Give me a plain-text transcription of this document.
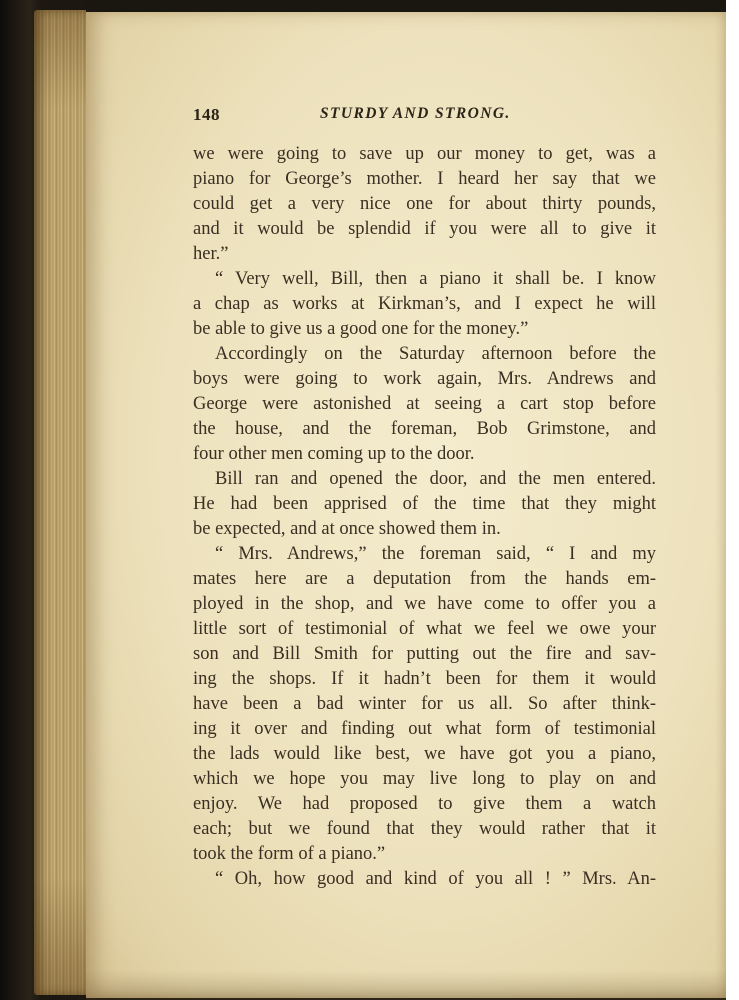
148	STURDY AND STRONG.
we were going to save up our money to get, was a
piano for George’s mother. I heard her say that we
could get a very nice one for about thirty pounds,
and it would be splendid if you were all to give it
her.”
“ Very well, Bill, then a piano it shall be. I know
a chap as works at Kirkman’s, and I expect he will
be able to give us a good one for the money.”
Accordingly on the Saturday afternoon before the
boys were going to work again, Mrs. Andrews and
George were astonished at seeing a cart stop before
the house, and the foreman, Bob Grimstone, and
four other men coming up to the door.
Bill ran and opened the door, and the men entered.
He had been apprised of the time that they might
be expected, and at once showed them in.
“ Mrs. Andrews,” the foreman said, “ I and my
mates here are a deputation from the hands em-
ployed in the shop, and we have come to offer you a
little sort of testimonial of what we feel we owe your
son and Bill Smith for putting out the fire and sav-
ing the shops. If it hadn’t been for them it would
have been a bad winter for us all. So after think-
ing it over and finding out what form of testimonial
the lads would like best, we have got you a piano,
which we hope you may live long to play on and
enjoy. We had proposed to give them a watch
each; but we found that they would rather that it
took the form of a piano.”
“ Oh, how good and kind of you all ! ” Mrs. An-
